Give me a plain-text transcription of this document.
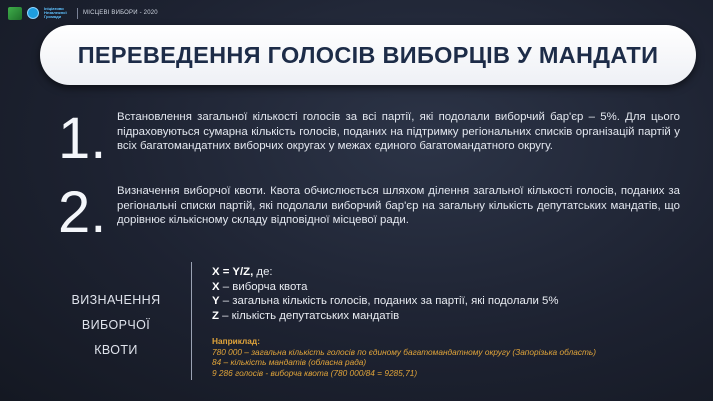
Ініціативи Незалежної Громади
МІСЦЕВІ ВИБОРИ - 2020
ПЕРЕВЕДЕННЯ ГОЛОСІВ ВИБОРЦІВ У МАНДАТИ
1. Встановлення загальної кількості голосів за всі партії, які подолали виборчий бар'єр – 5%. Для цього підраховуються сумарна кількість голосів, поданих на підтримку регіональних списків організацій партій у всіх багатомандатних виборчих округах у межах єдиного багатомандатного округу.
2. Визначення виборчої квоти. Квота обчислюється шляхом ділення загальної кількості голосів, поданих за регіональні списки партій, які подолали виборчий бар'єр на загальну кількість депутатських мандатів, що дорівнює кількісному складу відповідної місцевої ради.
ВИЗНАЧЕННЯ
ВИБОРЧОЇ
КВОТИ
X = Y/Z, де:
X – виборча квота
Y – загальна кількість голосів, поданих за партії, які подолали 5%
Z – кількість депутатських мандатів
Наприклад:
780 000 – загальна кількість голосів по єдиному багатомандатному округу (Запорізька область)
84 – кількість мандатів (обласна рада)
9 286 голосів - виборча квота (780 000/84 = 9285,71)
